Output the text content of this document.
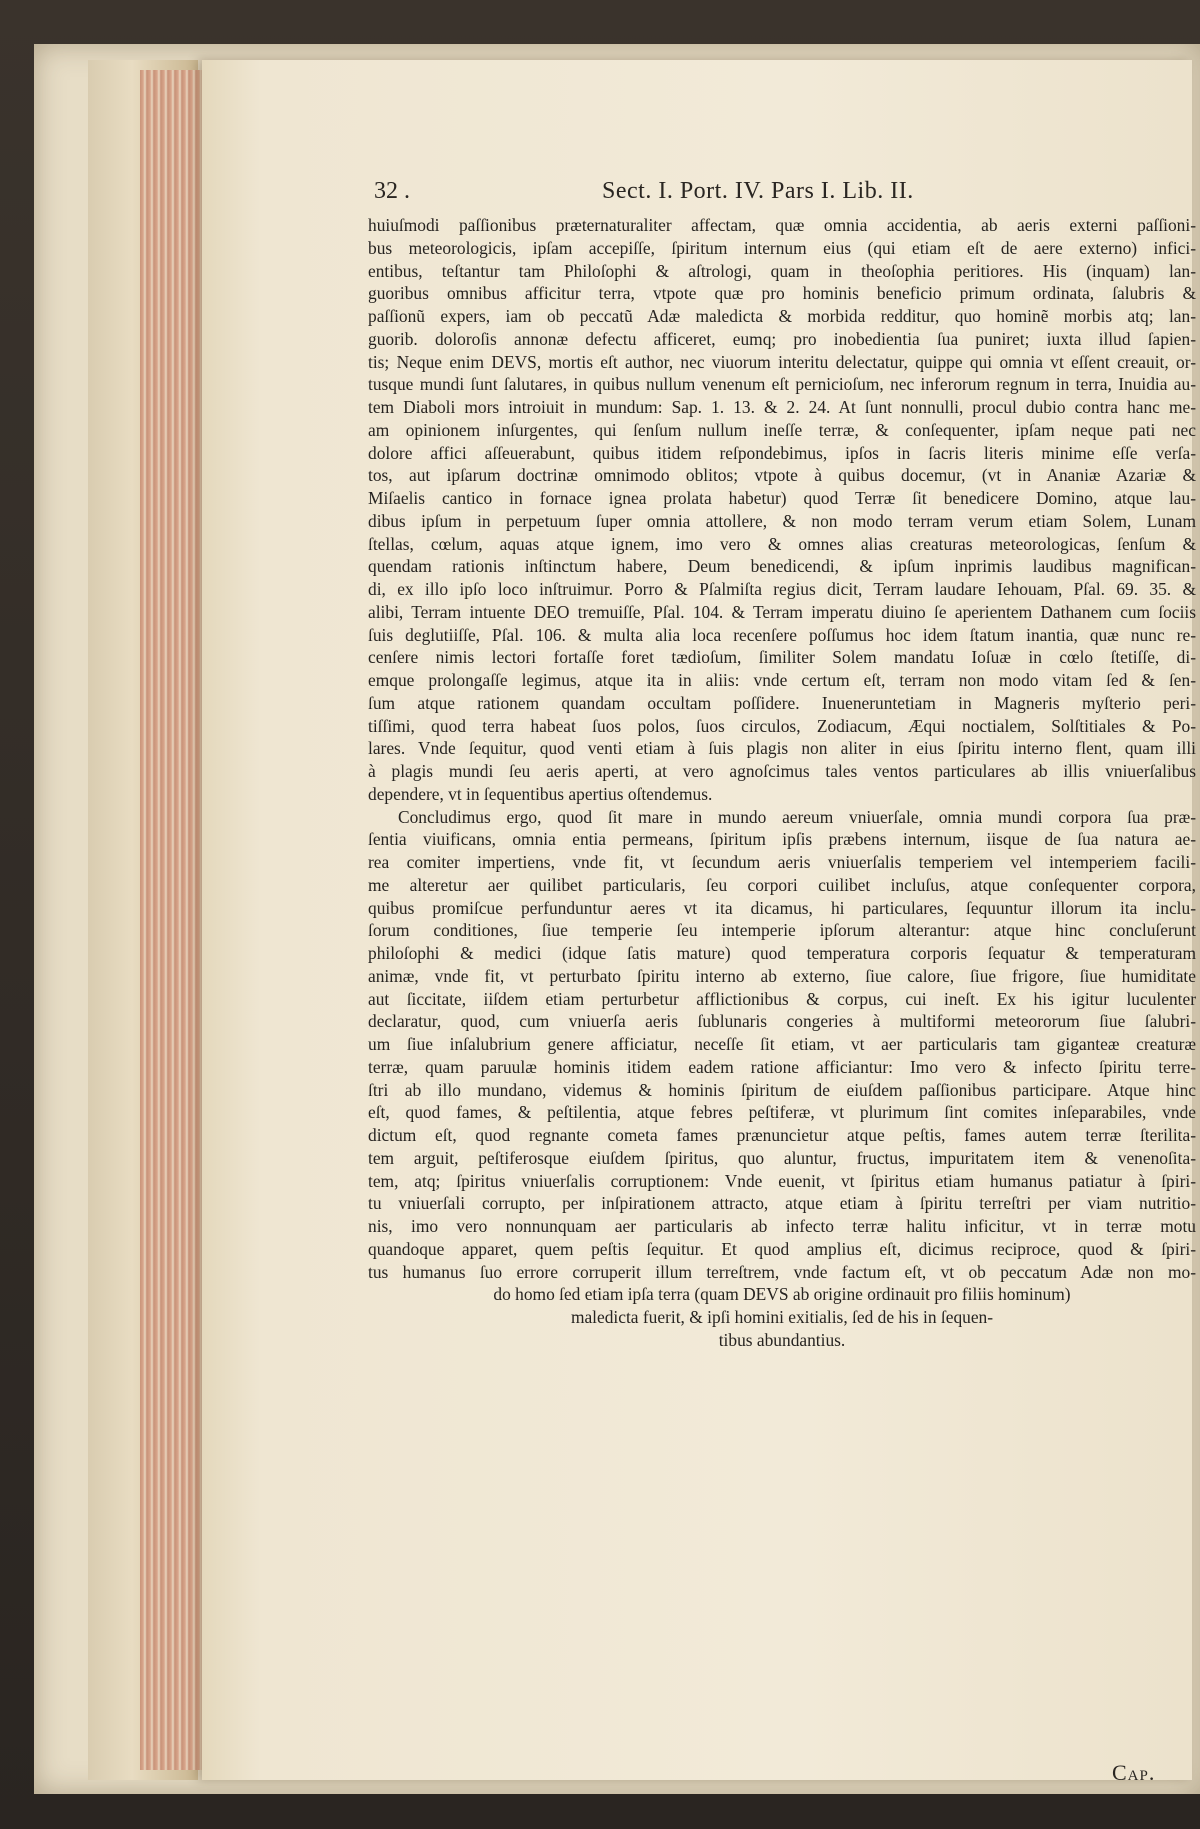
32 .	Sect. I. Port. IV. Pars I. Lib. II.
huiuſmodi paſſionibus præternaturaliter affectam, quæ omnia accidentia, ab aeris externi paſſioni-
bus meteorologicis, ipſam accepiſſe, ſpiritum internum eius (qui etiam eſt de aere externo) infici-
entibus, teſtantur tam Philoſophi & aſtrologi, quam in theoſophia peritiores. His (inquam) lan-
guoribus omnibus afficitur terra, vtpote quæ pro hominis beneficio primum ordinata, ſalubris &
paſſionũ expers, iam ob peccatũ Adæ maledicta & morbida redditur, quo hominẽ morbis atq; lan-
guorib. doloroſis annonæ defectu afficeret, eumq; pro inobedientia ſua puniret; iuxta illud ſapien-
tis; Neque enim DEVS, mortis eſt author, nec viuorum interitu delectatur, quippe qui omnia vt eſſent creauit, or-
tusque mundi ſunt ſalutares, in quibus nullum venenum eſt pernicioſum, nec inferorum regnum in terra, Inuidia au-
tem Diaboli mors introiuit in mundum: Sap. 1. 13. & 2. 24. At ſunt nonnulli, procul dubio contra hanc me-
am opinionem inſurgentes, qui ſenſum nullum ineſſe terræ, & conſequenter, ipſam neque pati nec
dolore affici aſſeuerabunt, quibus itidem reſpondebimus, ipſos in ſacris literis minime eſſe verſa-
tos, aut ipſarum doctrinæ omnimodo oblitos; vtpote à quibus docemur, (vt in Ananiæ Azariæ &
Miſaelis cantico in fornace ignea prolata habetur) quod Terræ ſit benedicere Domino, atque lau-
dibus ipſum in perpetuum ſuper omnia attollere, & non modo terram verum etiam Solem, Lunam
ſtellas, cœlum, aquas atque ignem, imo vero & omnes alias creaturas meteorologicas, ſenſum &
quendam rationis inſtinctum habere, Deum benedicendi, & ipſum inprimis laudibus magnifican-
di, ex illo ipſo loco inſtruimur. Porro & Pſalmiſta regius dicit, Terram laudare Iehouam, Pſal. 69. 35. &
alibi, Terram intuente DEO tremuiſſe, Pſal. 104. & Terram imperatu diuino ſe aperientem Dathanem cum ſociis
ſuis deglutiiſſe, Pſal. 106. & multa alia loca recenſere poſſumus hoc idem ſtatum inantia, quæ nunc re-
cenſere nimis lectori fortaſſe foret tædioſum, ſimiliter Solem mandatu Ioſuæ in cœlo ſtetiſſe, di-
emque prolongaſſe legimus, atque ita in aliis: vnde certum eſt, terram non modo vitam ſed & ſen-
ſum atque rationem quandam occultam poſſidere. Inueneruntetiam in Magneris myſterio peri-
tiſſimi, quod terra habeat ſuos polos, ſuos circulos, Zodiacum, Æqui noctialem, Solſtitiales & Po-
lares. Vnde ſequitur, quod venti etiam à ſuis plagis non aliter in eius ſpiritu interno flent, quam illi
à plagis mundi ſeu aeris aperti, at vero agnoſcimus tales ventos particulares ab illis vniuerſalibus
dependere, vt in ſequentibus apertius oſtendemus.
Concludimus ergo, quod ſit mare in mundo aereum vniuerſale, omnia mundi corpora ſua præ-
ſentia viuificans, omnia entia permeans, ſpiritum ipſis præbens internum, iisque de ſua natura ae-
rea comiter impertiens, vnde fit, vt ſecundum aeris vniuerſalis temperiem vel intemperiem facili-
me alteretur aer quilibet particularis, ſeu corpori cuilibet incluſus, atque conſequenter corpora,
quibus promiſcue perfunduntur aeres vt ita dicamus, hi particulares, ſequuntur illorum ita inclu-
ſorum conditiones, ſiue temperie ſeu intemperie ipſorum alterantur: atque hinc concluſerunt
philoſophi & medici (idque ſatis mature) quod temperatura corporis ſequatur & temperaturam
animæ, vnde fit, vt perturbato ſpiritu interno ab externo, ſiue calore, ſiue frigore, ſiue humiditate
aut ſiccitate, iiſdem etiam perturbetur afflictionibus & corpus, cui ineſt. Ex his igitur luculenter
declaratur, quod, cum vniuerſa aeris ſublunaris congeries à multiformi meteororum ſiue ſalubri-
um ſiue inſalubrium genere afficiatur, neceſſe ſit etiam, vt aer particularis tam giganteæ creaturæ
terræ, quam paruulæ hominis itidem eadem ratione afficiantur: Imo vero & infecto ſpiritu terre-
ſtri ab illo mundano, videmus & hominis ſpiritum de eiuſdem paſſionibus participare. Atque hinc
eſt, quod fames, & peſtilentia, atque febres peſtiferæ, vt plurimum ſint comites inſeparabiles, vnde
dictum eſt, quod regnante cometa fames prænuncietur atque peſtis, fames autem terræ ſterilita-
tem arguit, peſtiferosque eiuſdem ſpiritus, quo aluntur, fructus, impuritatem item & venenoſita-
tem, atq; ſpiritus vniuerſalis corruptionem: Vnde euenit, vt ſpiritus etiam humanus patiatur à ſpiri-
tu vniuerſali corrupto, per inſpirationem attracto, atque etiam à ſpiritu terreſtri per viam nutritio-
nis, imo vero nonnunquam aer particularis ab infecto terræ halitu inficitur, vt in terræ motu
quandoque apparet, quem peſtis ſequitur. Et quod amplius eſt, dicimus reciproce, quod & ſpiri-
tus humanus ſuo errore corruperit illum terreſtrem, vnde factum eſt, vt ob peccatum Adæ non mo-
do homo ſed etiam ipſa terra (quam DEVS ab origine ordinauit pro filiis hominum)
maledicta fuerit, & ipſi homini exitialis, ſed de his in ſequen-
tibus abundantius.
Cap.
